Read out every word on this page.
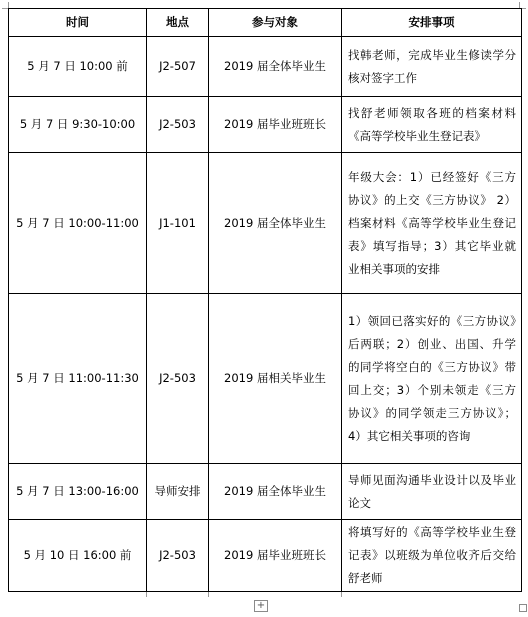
时间	地点	参与对象	安排事项
5 月 7 日 10:00 前	J2-507	2019 届全体毕业生	找韩老师，完成毕业生修读学分核对签字工作
5 月 7 日 9:30-10:00	J2-503	2019 届毕业班班长	找舒老师领取各班的档案材料《高等学校毕业生登记表》
5 月 7 日 10:00-11:00	J1-101	2019 届全体毕业生	年级大会：1）已经签好《三方协议》的上交《三方协议》 2）档案材料《高等学校毕业生登记表》填写指导；3）其它毕业就业相关事项的安排
5 月 7 日 11:00-11:30	J2-503	2019 届相关毕业生	1）领回已落实好的《三方协议》后两联；2）创业、出国、升学的同学将空白的《三方协议》带回上交；3）个别未领走《三方协议》的同学领走三方协议》；4）其它相关事项的咨询
5 月 7 日 13:00-16:00	导师安排	2019 届全体毕业生	导师见面沟通毕业设计以及毕业论文
5 月 10 日 16:00 前	J2-503	2019 届毕业班班长	将填写好的《高等学校毕业生登记表》以班级为单位收齐后交给舒老师
+
